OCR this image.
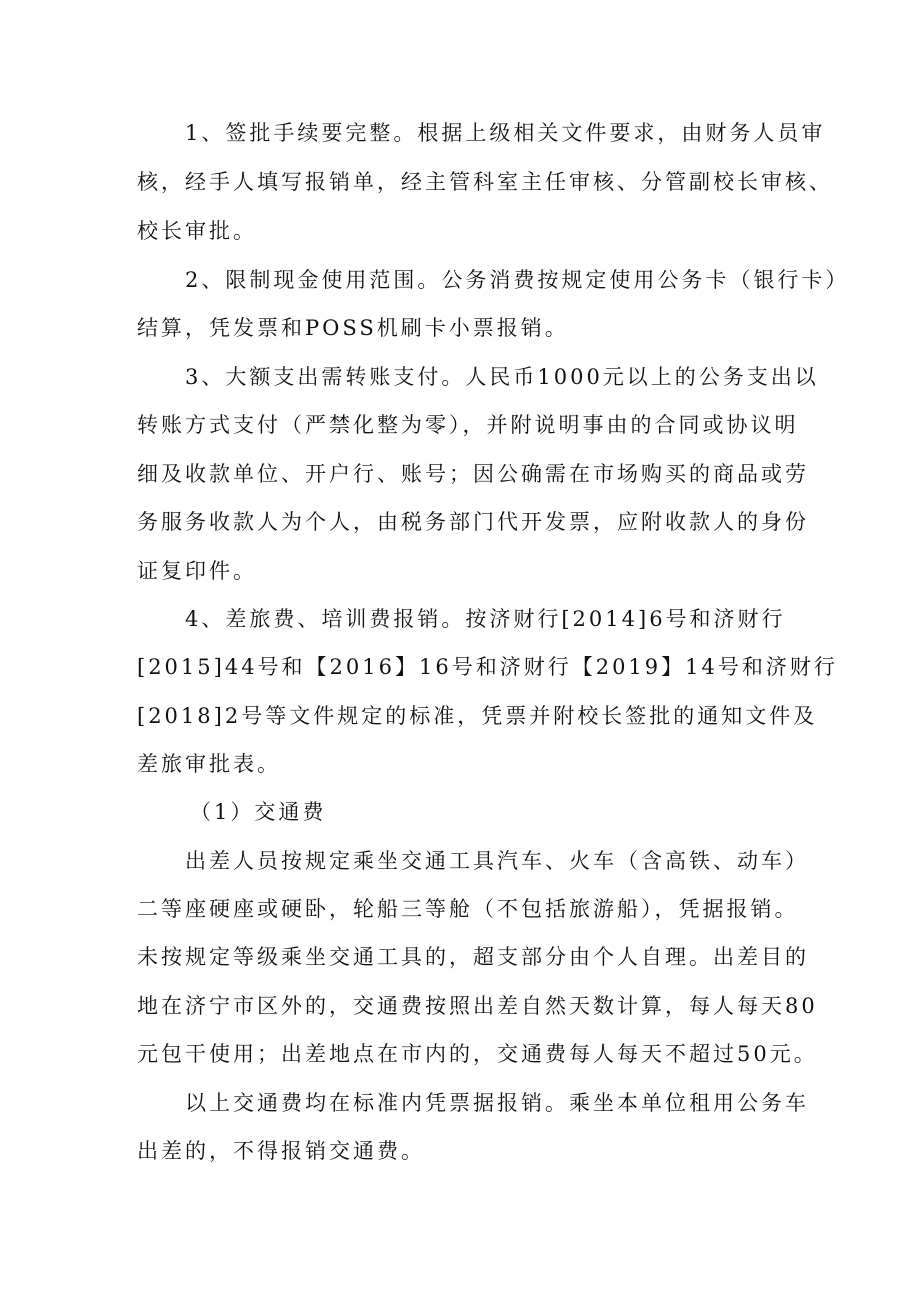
1、签批手续要完整。根据上级相关文件要求，由财务人员审
核，经手人填写报销单，经主管科室主任审核、分管副校长审核、
校长审批。
2、限制现金使用范围。公务消费按规定使用公务卡（银行卡）
结算，凭发票和POSS机刷卡小票报销。
3、大额支出需转账支付。人民币1000元以上的公务支出以
转账方式支付（严禁化整为零），并附说明事由的合同或协议明
细及收款单位、开户行、账号；因公确需在市场购买的商品或劳
务服务收款人为个人，由税务部门代开发票，应附收款人的身份
证复印件。
4、差旅费、培训费报销。按济财行[2014]6号和济财行
[2015]44号和【2016】16号和济财行【2019】14号和济财行
[2018]2号等文件规定的标准，凭票并附校长签批的通知文件及
差旅审批表。
（1）交通费
出差人员按规定乘坐交通工具汽车、火车（含高铁、动车）
二等座硬座或硬卧，轮船三等舱（不包括旅游船），凭据报销。
未按规定等级乘坐交通工具的，超支部分由个人自理。出差目的
地在济宁市区外的，交通费按照出差自然天数计算，每人每天80
元包干使用；出差地点在市内的，交通费每人每天不超过50元。
以上交通费均在标准内凭票据报销。乘坐本单位租用公务车
出差的，不得报销交通费。
